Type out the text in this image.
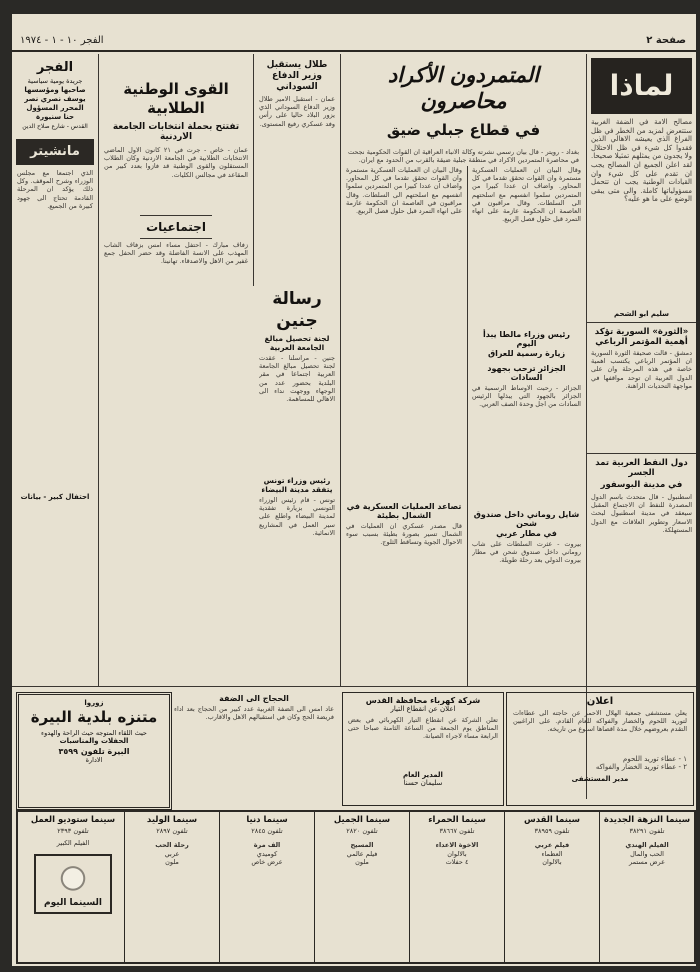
صفحة ٢
الفجر ١٠ - ١ - ١٩٧٤
لماذا
مصالح الامة في الضفة الغربية ستتعرض لمزيد من الخطر في ظل الفراغ الذي يعيشه الاهالي الذين فقدوا كل شيء في ظل الاحتلال ولا يجدون من يمثلهم تمثيلا صحيحا. لقد اعلن الجميع ان المصالح يجب ان تقدم على كل شيء وان القيادات الوطنية يجب ان تتحمل مسؤولياتها كاملة. والى متى يبقى الوضع على ما هو عليه؟
سليم ابو الشحم
«الثورة» السورية تؤكد أهمية المؤتمر الرباعي
دمشق - قالت صحيفة الثورة السورية ان المؤتمر الرباعي يكتسب اهمية خاصة في هذه المرحلة وان على الدول العربية ان توحد مواقفها في مواجهة التحديات الراهنة.
دول النفط العربية تمد الجسر
في مدينة البوسفور
اسطنبول - قال متحدث باسم الدول المصدرة للنفط ان الاجتماع المقبل سيعقد في مدينة اسطنبول لبحث الاسعار وتطوير العلاقات مع الدول المستهلكة.
المتمردون الأكراد محاصرون
في قطاع جبلي ضيق
بغداد - رويتر - قال بيان رسمي نشرته وكالة الانباء العراقية ان القوات الحكومية نجحت في محاصرة المتمردين الاكراد في منطقة جبلية ضيقة بالقرب من الحدود مع ايران.
وقال البيان ان العمليات العسكرية مستمرة وان القوات تحقق تقدما في كل المحاور. واضاف ان عددا كبيرا من المتمردين سلموا انفسهم مع اسلحتهم الى السلطات. وقال مراقبون في العاصمة ان الحكومة عازمة على انهاء التمرد قبل حلول فصل الربيع.
رئيس وزراء مالطا يبدأ اليوم
زيارة رسمية للعراق
الجزائر ترحب بجهود السادات
الجزائر - رحبت الاوساط الرسمية في الجزائر بالجهود التي يبذلها الرئيس السادات من اجل وحدة الصف العربي.
شايل روماني داخل صندوق شحن
في مطار عربي
بيروت - عثرت السلطات على شاب روماني داخل صندوق شحن في مطار بيروت الدولي بعد رحلة طويلة.
وقال البيان ان العمليات العسكرية مستمرة وان القوات تحقق تقدما في كل المحاور. واضاف ان عددا كبيرا من المتمردين سلموا انفسهم مع اسلحتهم الى السلطات. وقال مراقبون في العاصمة ان الحكومة عازمة على انهاء التمرد قبل حلول فصل الربيع.
تصاعد العمليات العسكرية في الشمال بطيئة
قال مصدر عسكري ان العمليات في الشمال تسير بصورة بطيئة بسبب سوء الاحوال الجوية وتساقط الثلوج.
طلال يستقبل وزير الدفاع السوداني
عمان - استقبل الامير طلال وزير الدفاع السوداني الذي يزور البلاد حاليا على رأس وفد عسكري رفيع المستوى.
رسالة جنين
لجنة تحصيل مبالغ الجامعة العربية
جنين - مراسلنا - عقدت لجنة تحصيل مبالغ الجامعة العربية اجتماعا في مقر البلدية بحضور عدد من الوجهاء ووجهت نداء الى الاهالي للمساهمة.
رئيس وزراء تونس يتفقد مدينة البيضاء
تونس - قام رئيس الوزراء التونسي بزيارة تفقدية لمدينة البيضاء واطلع على سير العمل في المشاريع الانمائية.
القوى الوطنية الطلابية
تفتتح بحملة انتخابات الجامعة الاردنية
عمان - خاص - جرت في ٢١ كانون الاول الماضي الانتخابات الطلابية في الجامعة الاردنية وكان الطلاب المستقلون والقوى الوطنية قد فازوا بعدد كبير من المقاعد في مجالس الكليات.
اجتماعيات
زفاف مبارك - احتفل مساء امس بزفاف الشاب المهذب على الانسة الفاضلة وقد حضر الحفل جمع غفير من الاهل والاصدقاء. تهانينا.
الفجر
جريدة يومية سياسية
صاحبها ومؤسسها
يوسف نصري نصر
المحرر المسؤول
حنا سنيورة
القدس - شارع صلاح الدين
مانشيتر
الذي اجتمعا مع مجلس الوزراء وشرح الموقف. وكل ذلك يؤكد ان المرحلة القادمة تحتاج الى جهود كبيرة من الجميع.
احتفال كبير - بيانات
زوروا
متنزه بلدية البيرة
حيث اللقاء المتوجه حيث الراحة والهدوء
الحفلات والمناسبات
البيرة تلفون ٣٥٩٩
الادارة
الحجاج الى الضفة
عاد امس الى الضفة الغربية عدد كبير من الحجاج بعد اداء فريضة الحج وكان في استقبالهم الاهل والاقارب.
شركة كهرباء محافظة القدس
اعلان عن انقطاع التيار
تعلن الشركة عن انقطاع التيار الكهربائي في بعض المناطق يوم الجمعة من الساعة الثامنة صباحا حتى الرابعة مساء لاجراء الصيانة.
المدير العام
سليمان حسنا
اعلان
يعلن مستشفى جمعية الهلال الاحمر عن حاجته الى عطاءات لتوريد اللحوم والخضار والفواكه للعام القادم. على الراغبين التقدم بعروضهم خلال مدة اقصاها اسبوع من تاريخه.
١ - عطاء توريد اللحوم
٢ - عطاء توريد الخضار والفواكه
مدير المستشفى
سينما النزهة الجديدة
تلفون ٣٨٢٩١
الفيلم الهندي
الحب والمال
عرض مستمر
سينما القدس
تلفون ٣٨٩٥٩
فيلم عربي
العظماء
بالالوان
سينما الحمراء
تلفون ٣٨٦٦٧
الاخوة الاعداء
بالالوان
٤ حفلات
سينما الجميل
تلفون ٢٨٢٠
المسيح
فيلم عالمي
ملون
سينما دنيا
تلفون ٢٨٤٥
الف مرة
كوميدي
عرض خاص
سينما الوليد
تلفون ٢٨٩٧
رحلة الحب
عربي
ملون
سينما ستوديو العمل
تلفون ٢٣٩٣
الفيلم الكبير
السينما اليوم
